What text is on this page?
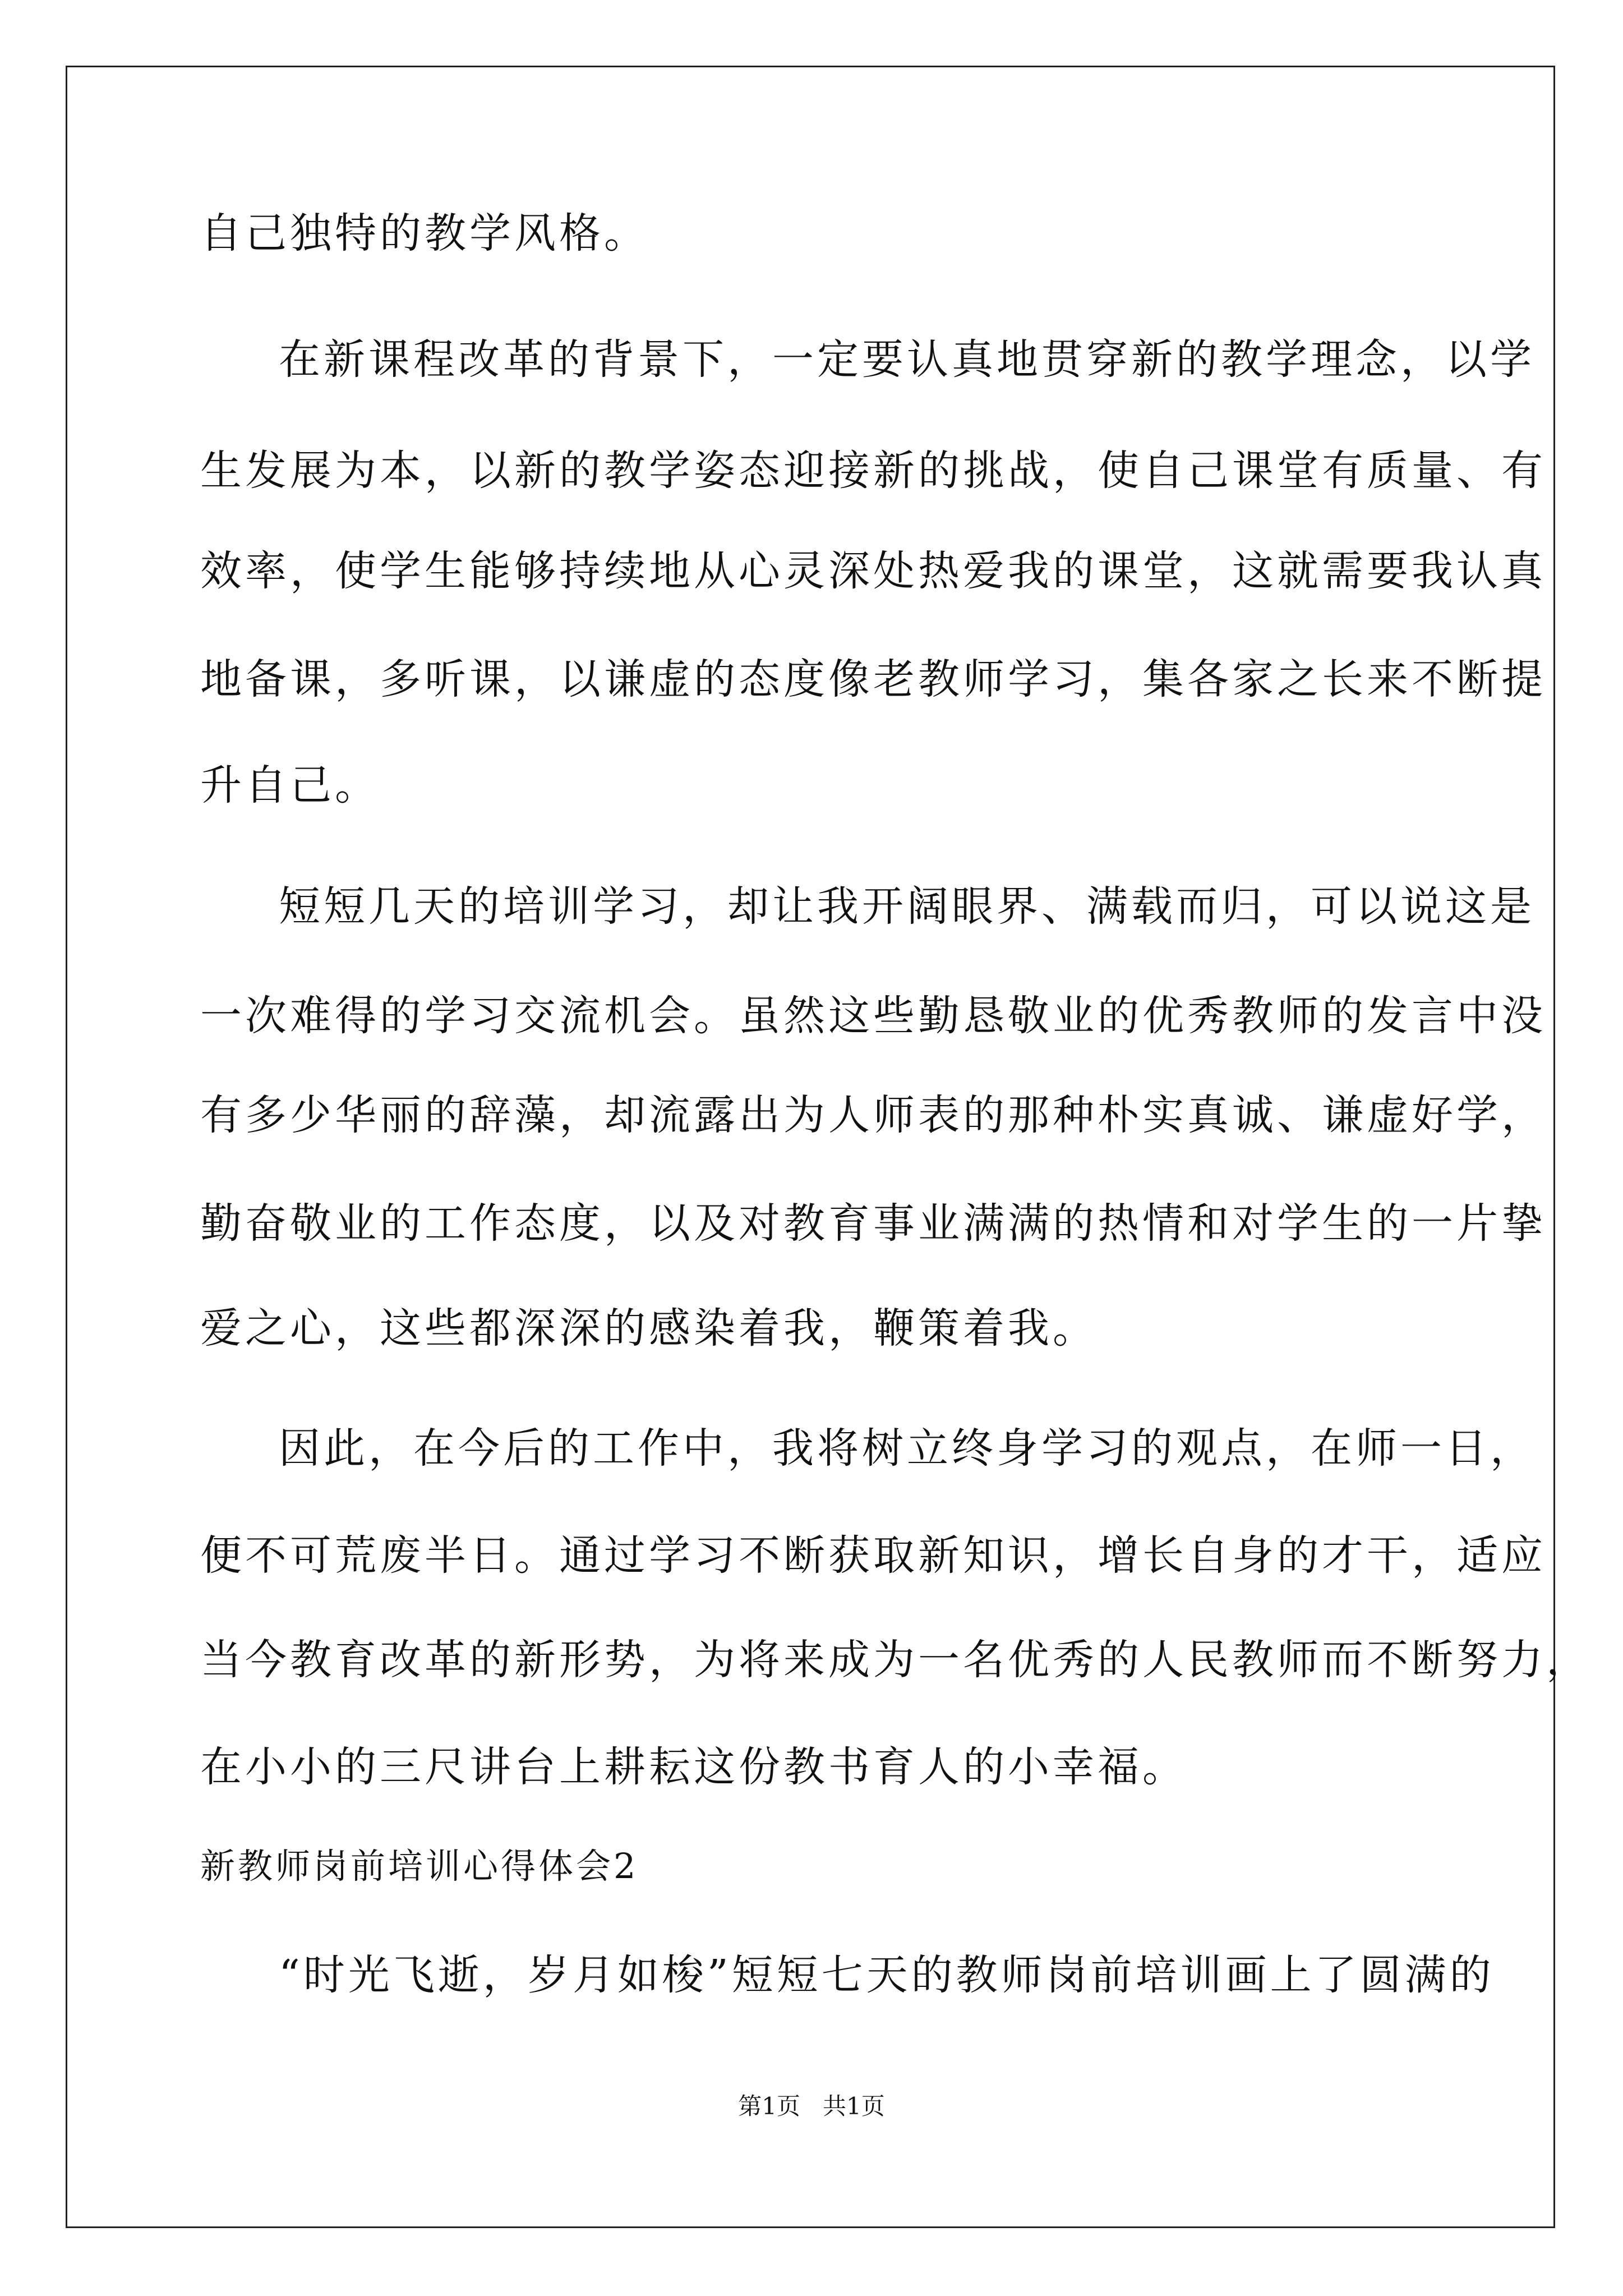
自己独特的教学风格。

在新课程改革的背景下，一定要认真地贯穿新的教学理念，以学

生发展为本，以新的教学姿态迎接新的挑战，使自己课堂有质量、有

效率，使学生能够持续地从心灵深处热爱我的课堂，这就需要我认真

地备课，多听课，以谦虚的态度像老教师学习，集各家之长来不断提

升自己。

短短几天的培训学习，却让我开阔眼界、满载而归，可以说这是

一次难得的学习交流机会。虽然这些勤恳敬业的优秀教师的发言中没

有多少华丽的辞藻，却流露出为人师表的那种朴实真诚、谦虚好学，

勤奋敬业的工作态度，以及对教育事业满满的热情和对学生的一片挚

爱之心，这些都深深的感染着我，鞭策着我。

因此，在今后的工作中，我将树立终身学习的观点，在师一日，

便不可荒废半日。通过学习不断获取新知识，增长自身的才干，适应

当今教育改革的新形势，为将来成为一名优秀的人民教师而不断努力，

在小小的三尺讲台上耕耘这份教书育人的小幸福。

新教师岗前培训心得体会2

“时光飞逝，岁月如梭”短短七天的教师岗前培训画上了圆满的

第1页   共1页
